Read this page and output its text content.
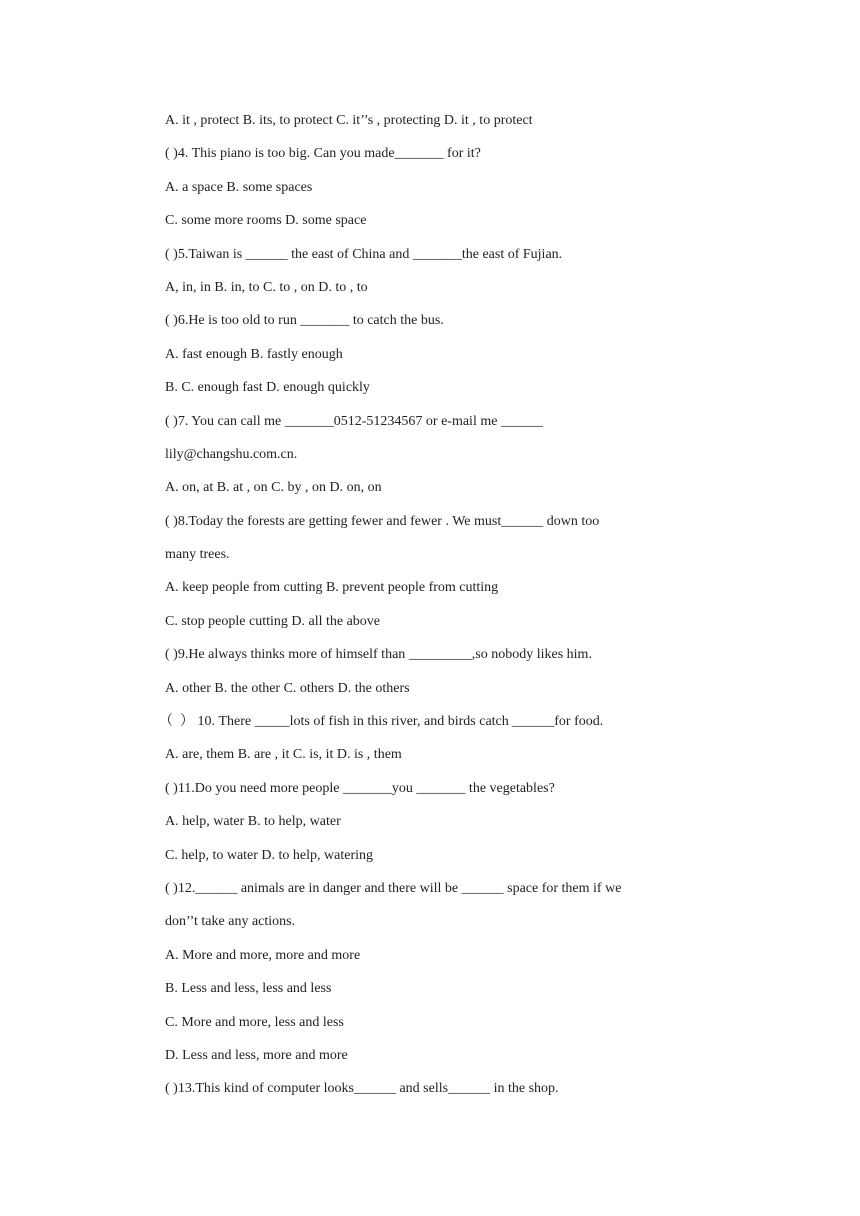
A. it , protect B. its, to protect C. it’’s , protecting D. it , to protect

( )4. This piano is too big. Can you made_______ for it?

A. a space B. some spaces

C. some more rooms D. some space

( )5.Taiwan is ______ the east of China and _______the east of Fujian.

A, in, in B. in, to C. to , on D. to , to

( )6.He is too old to run _______ to catch the bus.

A. fast enough B. fastly enough

B. C. enough fast D. enough quickly

( )7. You can call me _______0512-51234567 or e-mail me ______

lily@changshu.com.cn.

A. on, at B. at , on C. by , on D. on, on

( )8.Today the forests are getting fewer and fewer . We must______ down too

many trees.

A. keep people from cutting B. prevent people from cutting

C. stop people cutting D. all the above

( )9.He always thinks more of himself than _________,so nobody likes him.

A. other B. the other C. others D. the others

（  ） 10. There _____lots of fish in this river, and birds catch ______for food.

A. are, them B. are , it C. is, it D. is , them

( )11.Do you need more people _______you _______ the vegetables?

A. help, water B. to help, water

C. help, to water D. to help, watering

( )12.______ animals are in danger and there will be ______ space for them if we

don’’t take any actions.

A. More and more, more and more

B. Less and less, less and less

C. More and more, less and less

D. Less and less, more and more

( )13.This kind of computer looks______ and sells______ in the shop.
